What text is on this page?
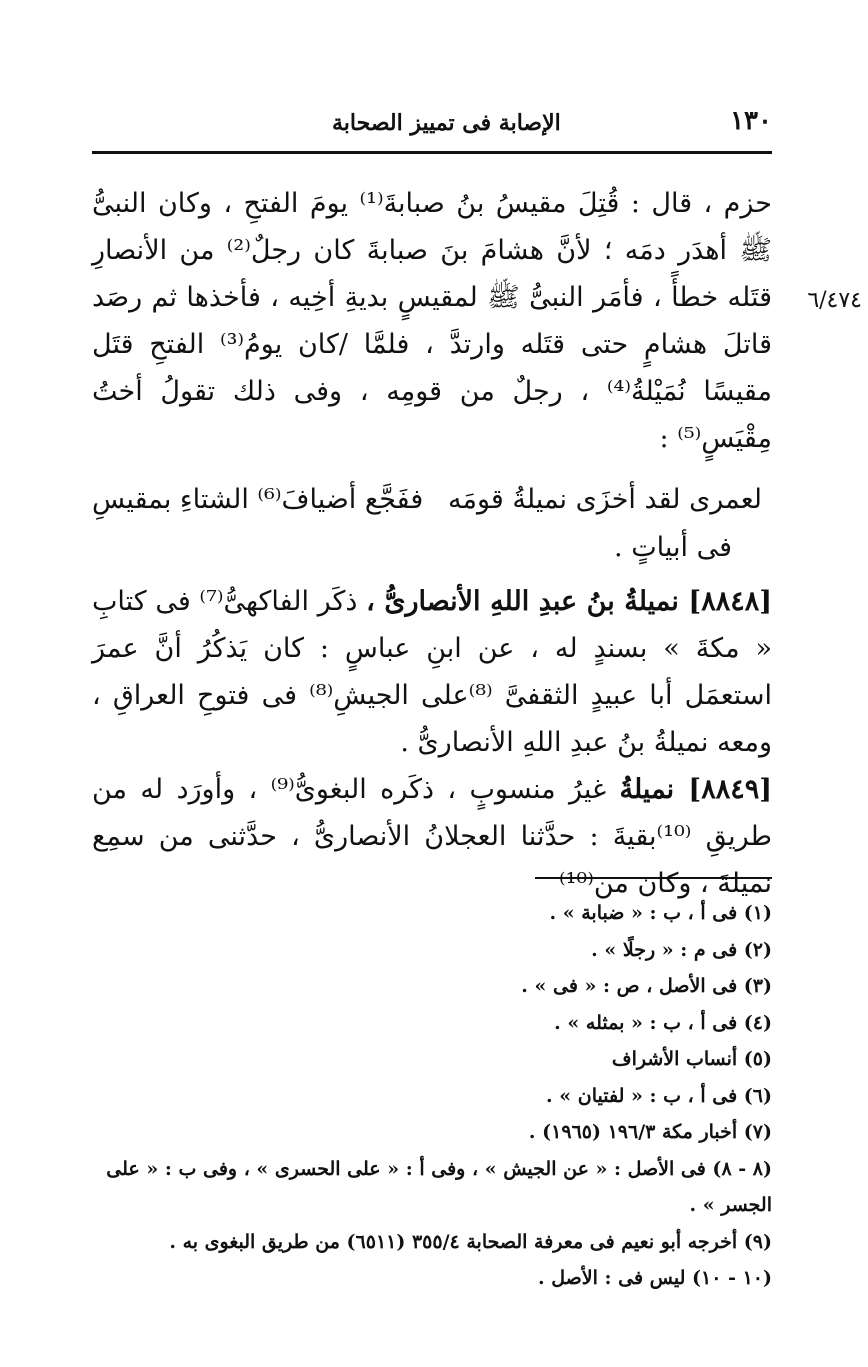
١٣٠
الإصابة فى تمييز الصحابة
٦/٤٧٤

حزم ، قال : قُتِلَ مقيسُ بنُ صبابةَ⁽¹⁾ يومَ الفتحِ ، وكان النبىُّ ﷺ أهدَر دمَه ؛ لأنَّ هشامَ بنَ صبابةَ كان رجلٌ⁽²⁾ من الأنصارِ قتَله خطأً ، فأمَر النبىُّ ﷺ لمقيسٍ بديةِ أخِيه ، فأخذها ثم رصَد قاتلَ هشامٍ حتى قتَله وارتدَّ ، فلمَّا /كان يومُ⁽³⁾ الفتحِ قتَل مقيسًا نُمَيْلةُ⁽⁴⁾ ، رجلٌ من قومِه ، وفى ذلك تقولُ أختُ مِقْيَسٍ⁽⁵⁾ :

لعمرى لقد أخزَى نميلةُ قومَه
ففَجَّع أضيافَ⁽⁶⁾ الشتاءِ بمقيسِ
فى أبياتٍ .

[٨٨٤٨] نميلةُ بنُ عبدِ اللهِ الأنصارىُّ ، ذكَر الفاكهىُّ⁽⁷⁾ فى كتابِ « مكةَ » بسندٍ له ، عن ابنِ عباسٍ : كان يَذكُرُ أنَّ عمرَ استعمَل أبا عبيدٍ الثقفىَّ ⁽⁸⁾على الجيشِ⁽⁸⁾ فى فتوحِ العراقِ ، ومعه نميلةُ بنُ عبدِ اللهِ الأنصارىُّ .

[٨٨٤٩] نميلةُ غيرُ منسوبٍ ، ذكَره البغوىُّ⁽⁹⁾ ، وأورَد له من طريقِ ⁽¹⁰⁾بقيةَ : حدَّثنا العجلانُ الأنصارىُّ ، حدَّثنى من سمِع نميلةَ ، وكان من⁽¹⁰⁾

(١) فى أ ، ب : « ضبابة » .
(٢) فى م : « رجلًا » .
(٣) فى الأصل ، ص : « فى » .
(٤) فى أ ، ب : « بمثله » .
(٥) أنساب الأشراف
(٦) فى أ ، ب : « لفتيان » .
(٧) أخبار مكة ١٩٦/٣ (١٩٦٥) .
(٨ - ٨) فى الأصل : « عن الجيش » ، وفى أ : « على الحسرى » ، وفى ب : « على الجسر » .
(٩) أخرجه أبو نعيم فى معرفة الصحابة ٣٥٥/٤ (٦٥١١) من طريق البغوى به .
(١٠ - ١٠) ليس فى : الأصل .
